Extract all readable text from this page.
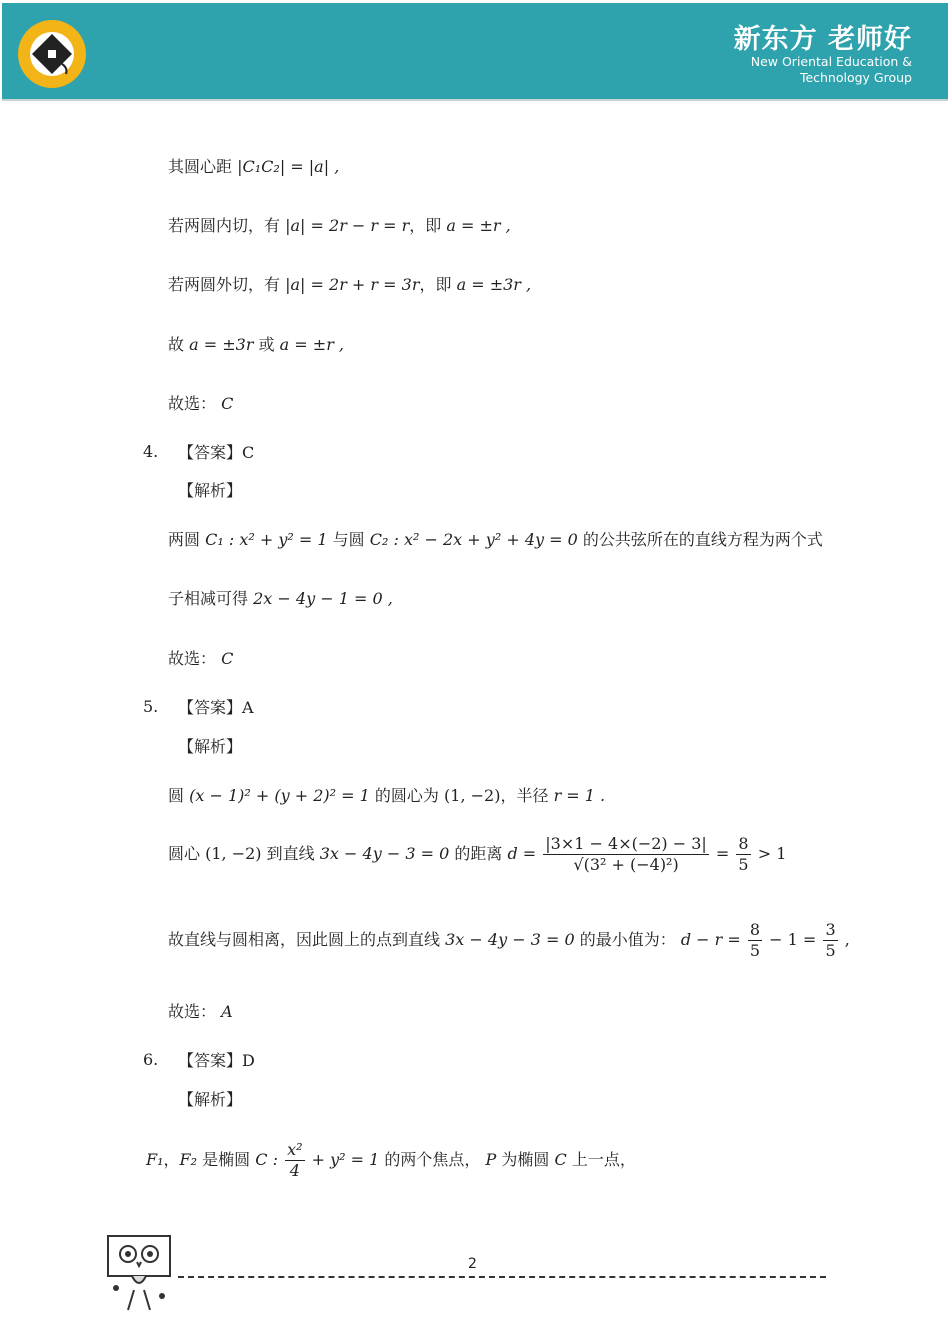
新东方 老师好
New Oriental Education &
Technology Group
其圆心距 |C₁C₂| = |a| ,
若两圆内切，有 |a| = 2r − r = r，即 a = ±r ,
若两圆外切，有 |a| = 2r + r = 3r，即 a = ±3r ,
故 a = ±3r 或 a = ±r ,
故选： C
4. 【答案】C
【解析】
两圆 C₁ : x² + y² = 1 与圆 C₂ : x² − 2x + y² + 4y = 0 的公共弦所在的直线方程为两个式
子相减可得 2x − 4y − 1 = 0 ,
故选： C
5. 【答案】A
【解析】
圆 (x − 1)² + (y + 2)² = 1 的圆心为 (1, −2)，半径 r = 1 .
圆心 (1, −2) 到直线 3x − 4y − 3 = 0 的距离 $d = \frac{|3\times 1 - 4\times(-2) - 3|}{\text{√(3² + (−4)²)}} = \frac{8}{5} > 1$
故直线与圆相离，因此圆上的点到直线 3x − 4y − 3 = 0 的最小值为： $d - r = \frac{8}{5} - 1 = \frac{3}{5}$ ,
故选： A
6. 【答案】D
【解析】
F₁，F₂ 是椭圆 C : $\frac{\text{x²}}{4} + y^2 = 1$ 的两个焦点， P 为椭圆 C 上一点，
2
